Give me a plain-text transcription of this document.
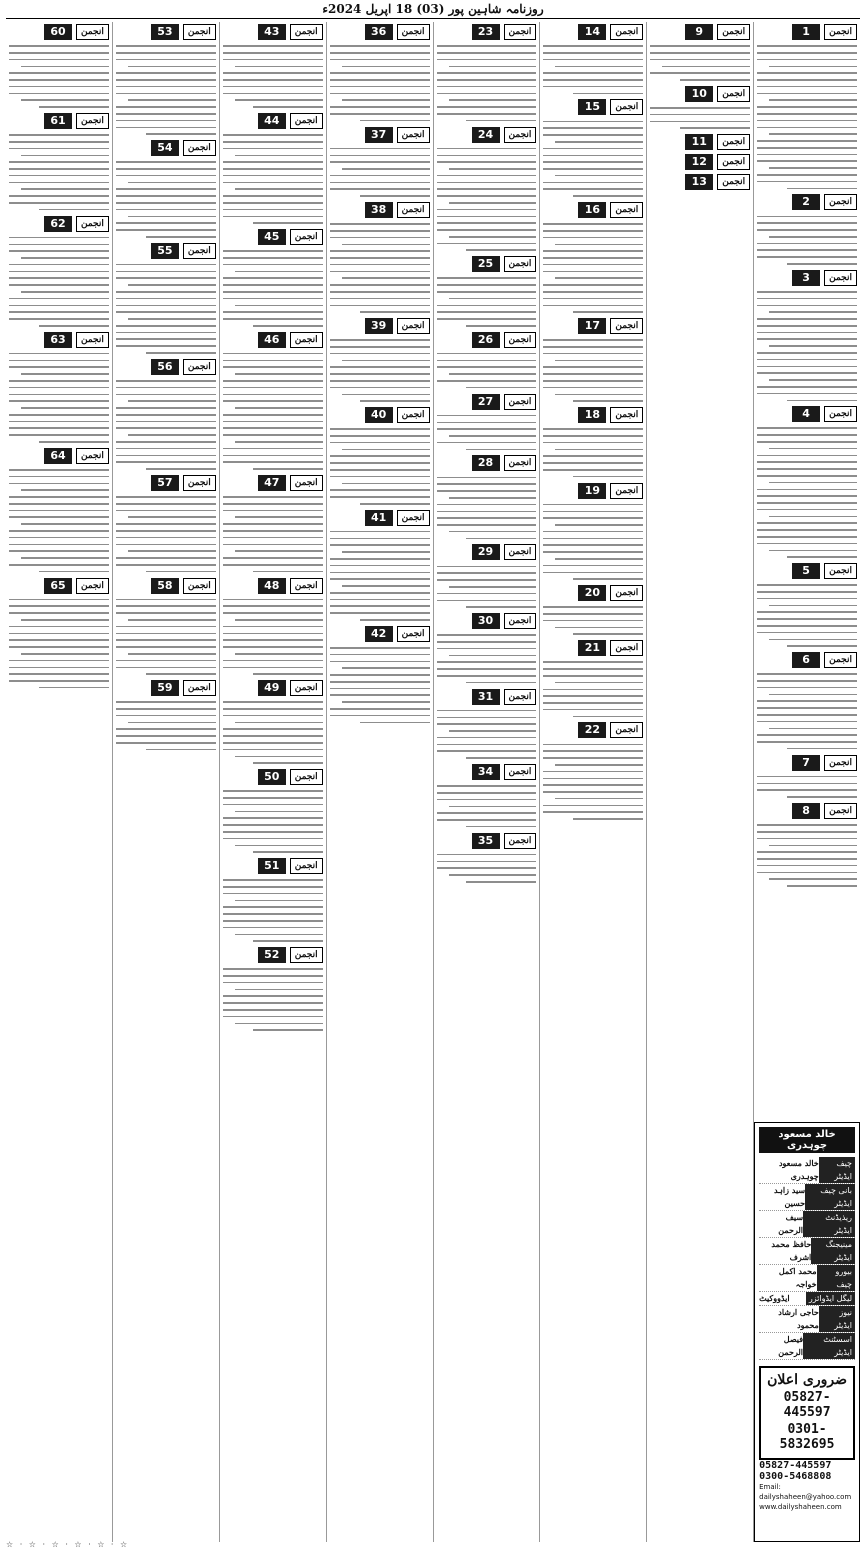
روزنامہ شاہین پور (03) 18 اپریل 2024ء
انجمن
1
انجمن
2
انجمن
3
انجمن
4
انجمن
5
انجمن
6
انجمن
7
انجمن
8
خالد مسعود چوہدری
چیف ایڈیٹر
خالد مسعود چوہدری
بانی چیف ایڈیٹر
سید زاہد حسین
ریذیڈنٹ ایڈیٹر
سیف الرحمن
مینیجنگ ایڈیٹر
حافظ محمد اشرف
بیورو چیف
محمد اکمل خواجہ
لیگل ایڈوائزر
ایڈووکیٹ
نیوز ایڈیٹر
حاجی ارشاد محمود
اسسٹنٹ ایڈیٹر
فیصل الرحمن
ضروری اعلان
05827-445597
0301-5832695
05827-445597
0300-5468808
Email: dailyshaheen@yahoo.com
www.dailyshaheen.com
انجمن
9
انجمن
10
انجمن
11
انجمن
12
انجمن
13
انجمن
14
انجمن
15
انجمن
16
انجمن
17
انجمن
18
انجمن
19
انجمن
20
انجمن
21
انجمن
22
انجمن
23
انجمن
24
انجمن
25
انجمن
26
انجمن
27
انجمن
28
انجمن
29
انجمن
30
انجمن
31
انجمن
34
انجمن
35
انجمن
36
انجمن
37
انجمن
38
انجمن
39
انجمن
40
انجمن
41
انجمن
42
انجمن
43
انجمن
44
انجمن
45
انجمن
46
انجمن
47
انجمن
48
انجمن
49
انجمن
50
انجمن
51
انجمن
52
انجمن
53
انجمن
54
انجمن
55
انجمن
56
انجمن
57
انجمن
58
انجمن
59
انجمن
60
انجمن
61
انجمن
62
انجمن
63
انجمن
64
انجمن
65
☆ · ☆ · ☆ · ☆ · ☆ · ☆
